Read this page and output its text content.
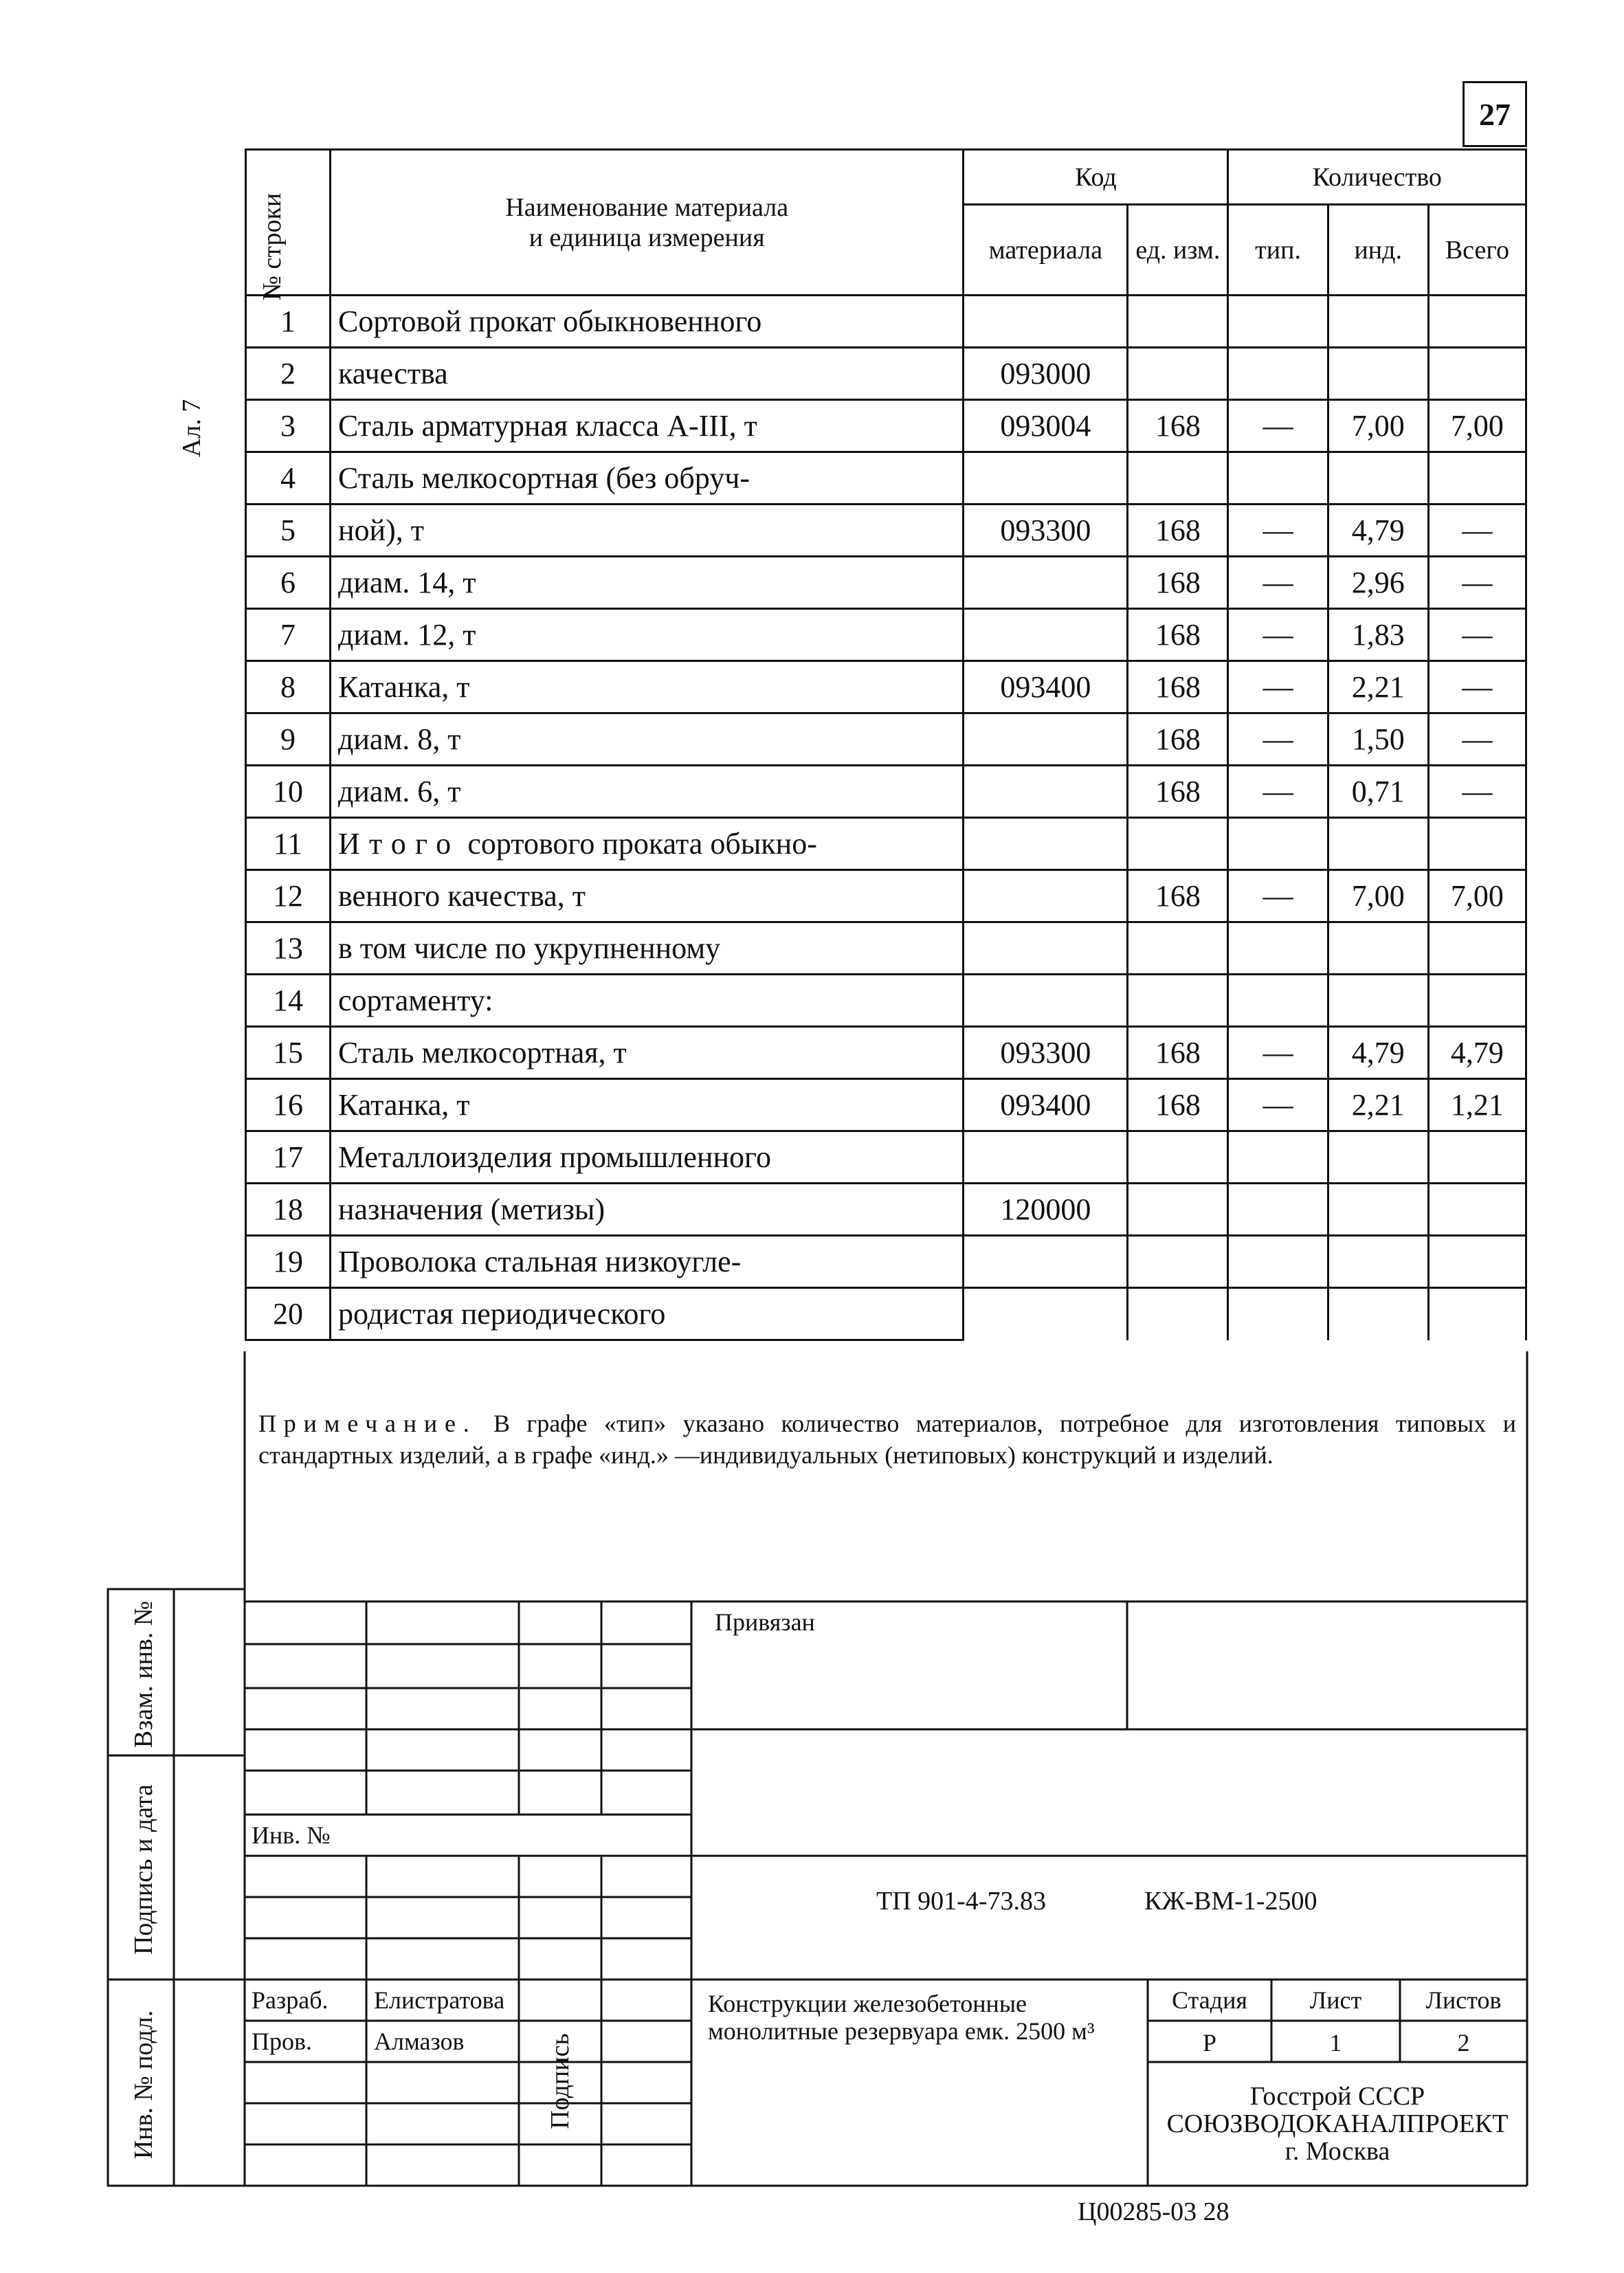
27
Ал. 7
№ строки	Наименование материала
и единица измерения	Код		Количество		
		материала	ед. изм.	тип.	инд.	Всего
1	Сортовой прокат обыкновенного					
2	качества	093000				
3	Сталь арматурная класса А-III, т	093004	168	—	7,00	7,00
4	Сталь мелкосортная (без обруч-					
5	ной), т	093300	168	—	4,79	—
6	диам. 14, т		168	—	2,96	—
7	диам. 12, т		168	—	1,83	—
8	Катанка, т	093400	168	—	2,21	—
9	диам. 8, т		168	—	1,50	—
10	диам. 6, т		168	—	0,71	—
11	Итого сортового проката обыкно-					
12	венного качества, т		168	—	7,00	7,00
13	в том числе по укрупненному					
14	сортаменту:					
15	Сталь мелкосортная, т	093300	168	—	4,79	4,79
16	Катанка, т	093400	168	—	2,21	1,21
17	Металлоизделия промышленного					
18	назначения (метизы)	120000				
19	Проволока стальная низкоугле-					
20	родистая периодического					
Примечание. В графе «тип» указано количество материалов, потребное для изготовления типовых и стандартных изделий, а в графе «инд.» —индивидуальных (нетиповых) конструкций и изделий.
Взам. инв. №
Подпись и дата
Инв. № подл.
Инв. №
Привязан
ТП 901-4-73.83	КЖ-ВМ-1-2500
Разраб. Елистратова
Пров.	Алмазов	Подпись
Конструкции железобетонные монолитные резервуара емк. 2500 м³
Стадия	Лист	Листов
Р	1	2
Госстрой СССР
СОЮЗВОДОКАНАЛПРОЕКТ
г. Москва
Ц00285-03 28
